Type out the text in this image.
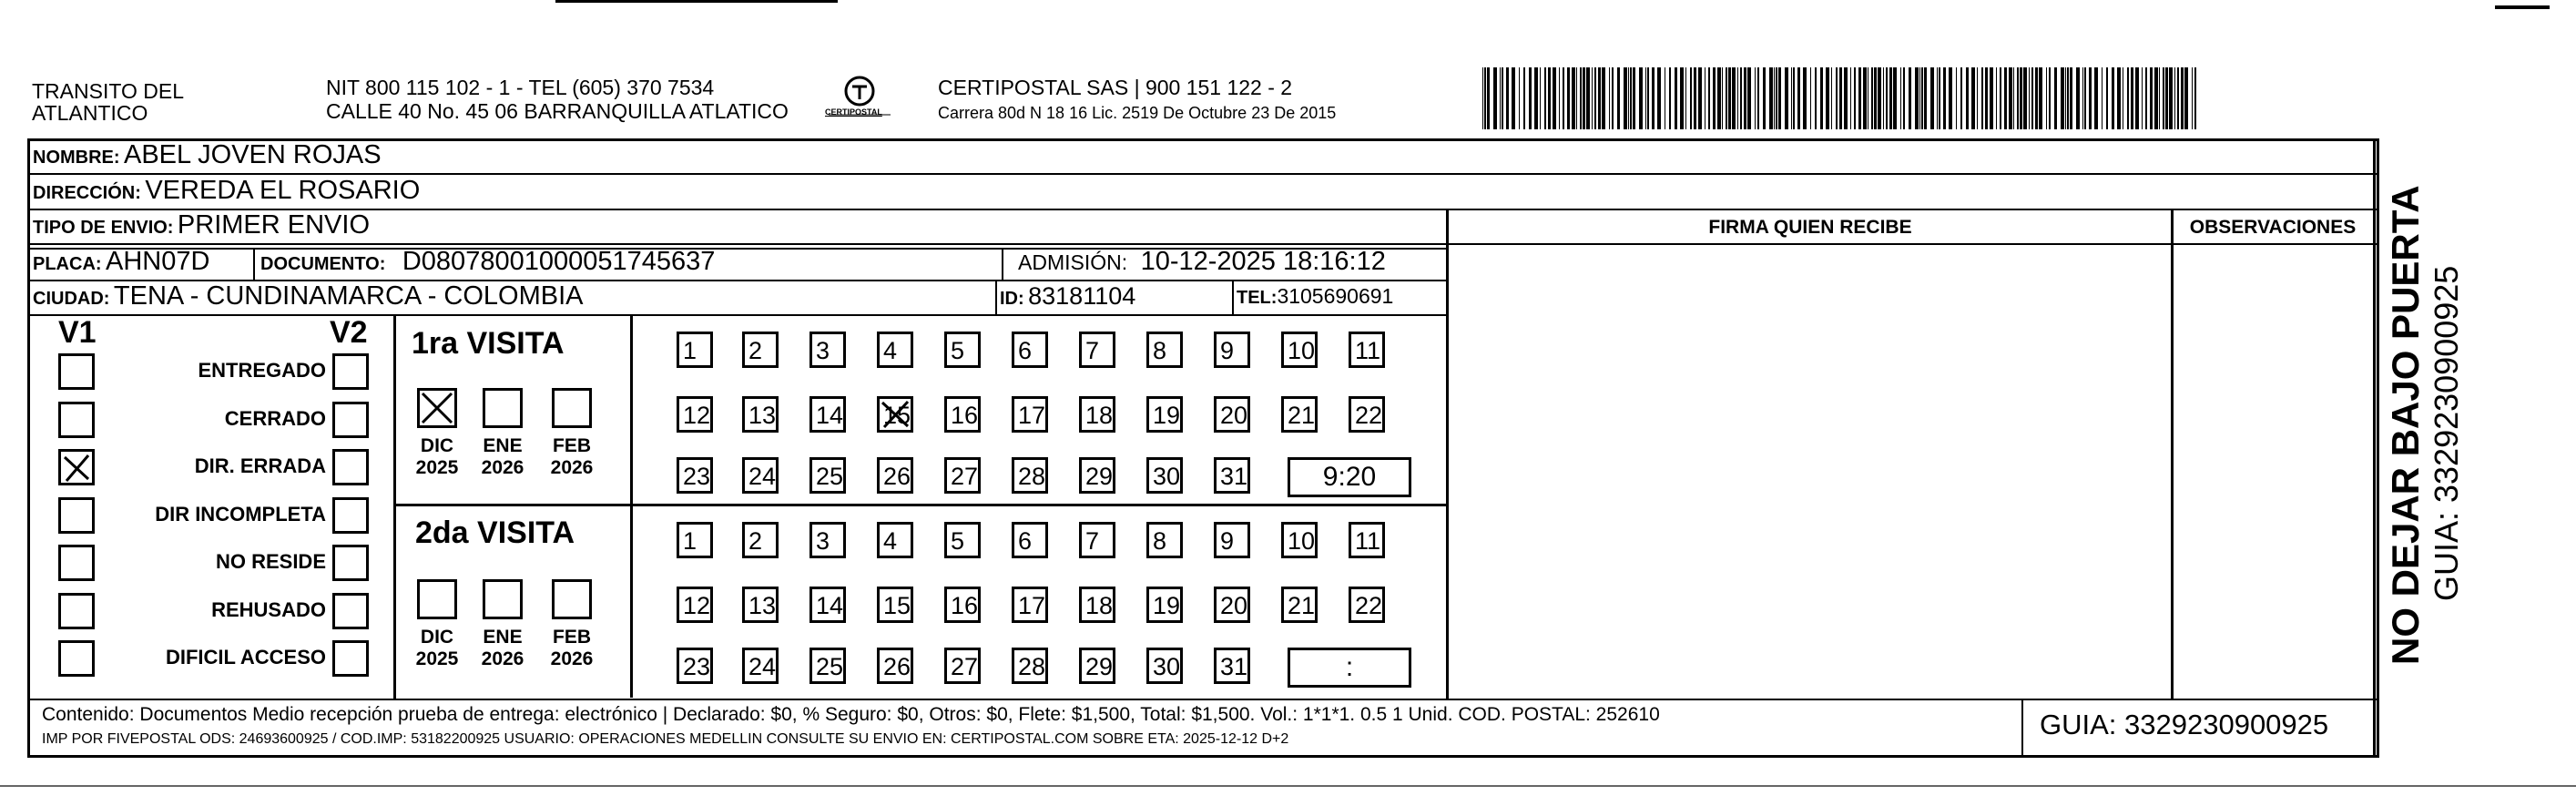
TRANSITO DEL
ATLANTICO
NIT 800 115 102 - 1 - TEL (605) 370 7534
CALLE 40 No. 45 06 BARRANQUILLA ATLATICO	CERTIPOSTAL
CERTIPOSTAL SAS | 900 151 122 - 2
Carrera 80d N 18 16 Lic. 2519 De Octubre 23 De 2015
NOMBRE: ABEL JOVEN ROJAS
DIRECCIÓN: VEREDA EL ROSARIO
TIPO DE ENVIO: PRIMER ENVIO
PLACA: AHN07D	DOCUMENTO: D08078001000051745637	ADMISIÓN: 10-12-2025 18:16:12
CIUDAD: TENA - CUNDINAMARCA - COLOMBIA	ID: 83181104	TEL:3105690691
FIRMA QUIEN RECIBE	OBSERVACIONES
V1	V2
ENTREGADO
CERRADO
DIR. ERRADA
DIR INCOMPLETA
NO RESIDE
REHUSADO
DIFICIL ACCESO
1ra VISITA
2da VISITA
1	2	3	4	5	6	7	8	9	10 11
12 13 14 15 16 17 18 19 20 21 22
23 24 25 26 27 28 29 30 31	9:20
1	2	3	4	5	6	7	8	9	10 11
12 13 14 15 16 17 18 19 20 21 22
23 24 25 26 27 28 29 30 31	:
DIC
2025
ENE
2026
FEB
2026
DIC
2025
ENE
2026
FEB
2026
Contenido: Documentos Medio recepción prueba de entrega: electrónico | Declarado: $0, % Seguro: $0, Otros: $0, Flete: $1,500, Total: $1,500. Vol.: 1*1*1. 0.5 1 Unid. COD. POSTAL: 252610
IMP POR FIVEPOSTAL ODS: 24693600925 / COD.IMP: 53182200925 USUARIO: OPERACIONES MEDELLIN CONSULTE SU ENVIO EN: CERTIPOSTAL.COM SOBRE ETA: 2025-12-12 D+2	GUIA: 3329230900925
NO DEJAR BAJO PUERTA GUIA: 3329230900925
